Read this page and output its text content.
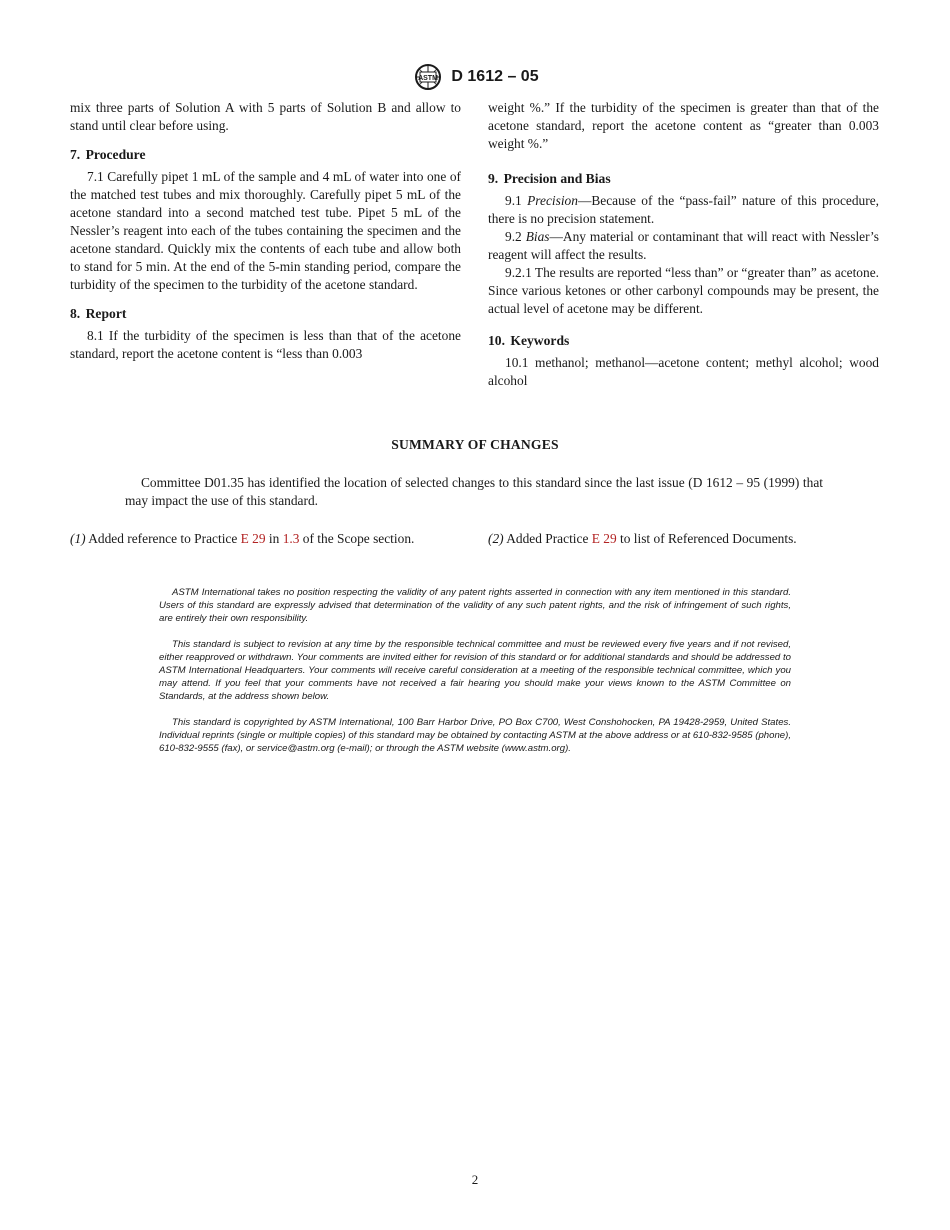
ASTM D 1612 – 05

mix three parts of Solution A with 5 parts of Solution B and allow to stand until clear before using.

7. Procedure

7.1 Carefully pipet 1 mL of the sample and 4 mL of water into one of the matched test tubes and mix thoroughly. Carefully pipet 5 mL of the acetone standard into a second matched test tube. Pipet 5 mL of the Nessler’s reagent into each of the tubes containing the specimen and the acetone standard. Quickly mix the contents of each tube and allow both to stand for 5 min. At the end of the 5-min standing period, compare the turbidity of the specimen to the turbidity of the acetone standard.

8. Report

8.1 If the turbidity of the specimen is less than that of the acetone standard, report the acetone content is “less than 0.003

weight %.” If the turbidity of the specimen is greater than that of the acetone standard, report the acetone content as “greater than 0.003 weight %.”

9. Precision and Bias

9.1 Precision—Because of the “pass-fail” nature of this procedure, there is no precision statement.

9.2 Bias—Any material or contaminant that will react with Nessler’s reagent will affect the results.

9.2.1 The results are reported “less than” or “greater than” as acetone. Since various ketones or other carbonyl compounds may be present, the actual level of acetone may be different.

10. Keywords

10.1 methanol; methanol—acetone content; methyl alcohol; wood alcohol

SUMMARY OF CHANGES
Committee D01.35 has identified the location of selected changes to this standard since the last issue (D 1612 – 95 (1999) that may impact the use of this standard.
(1) Added reference to Practice E 29 in 1.3 of the Scope section.	(2) Added Practice E 29 to list of Referenced Documents.

ASTM International takes no position respecting the validity of any patent rights asserted in connection with any item mentioned in this standard. Users of this standard are expressly advised that determination of the validity of any such patent rights, and the risk of infringement of such rights, are entirely their own responsibility.

This standard is subject to revision at any time by the responsible technical committee and must be reviewed every five years and if not revised, either reapproved or withdrawn. Your comments are invited either for revision of this standard or for additional standards and should be addressed to ASTM International Headquarters. Your comments will receive careful consideration at a meeting of the responsible technical committee, which you may attend. If you feel that your comments have not received a fair hearing you should make your views known to the ASTM Committee on Standards, at the address shown below.

This standard is copyrighted by ASTM International, 100 Barr Harbor Drive, PO Box C700, West Conshohocken, PA 19428-2959, United States. Individual reprints (single or multiple copies) of this standard may be obtained by contacting ASTM at the above address or at 610-832-9585 (phone), 610-832-9555 (fax), or service@astm.org (e-mail); or through the ASTM website (www.astm.org).

2
